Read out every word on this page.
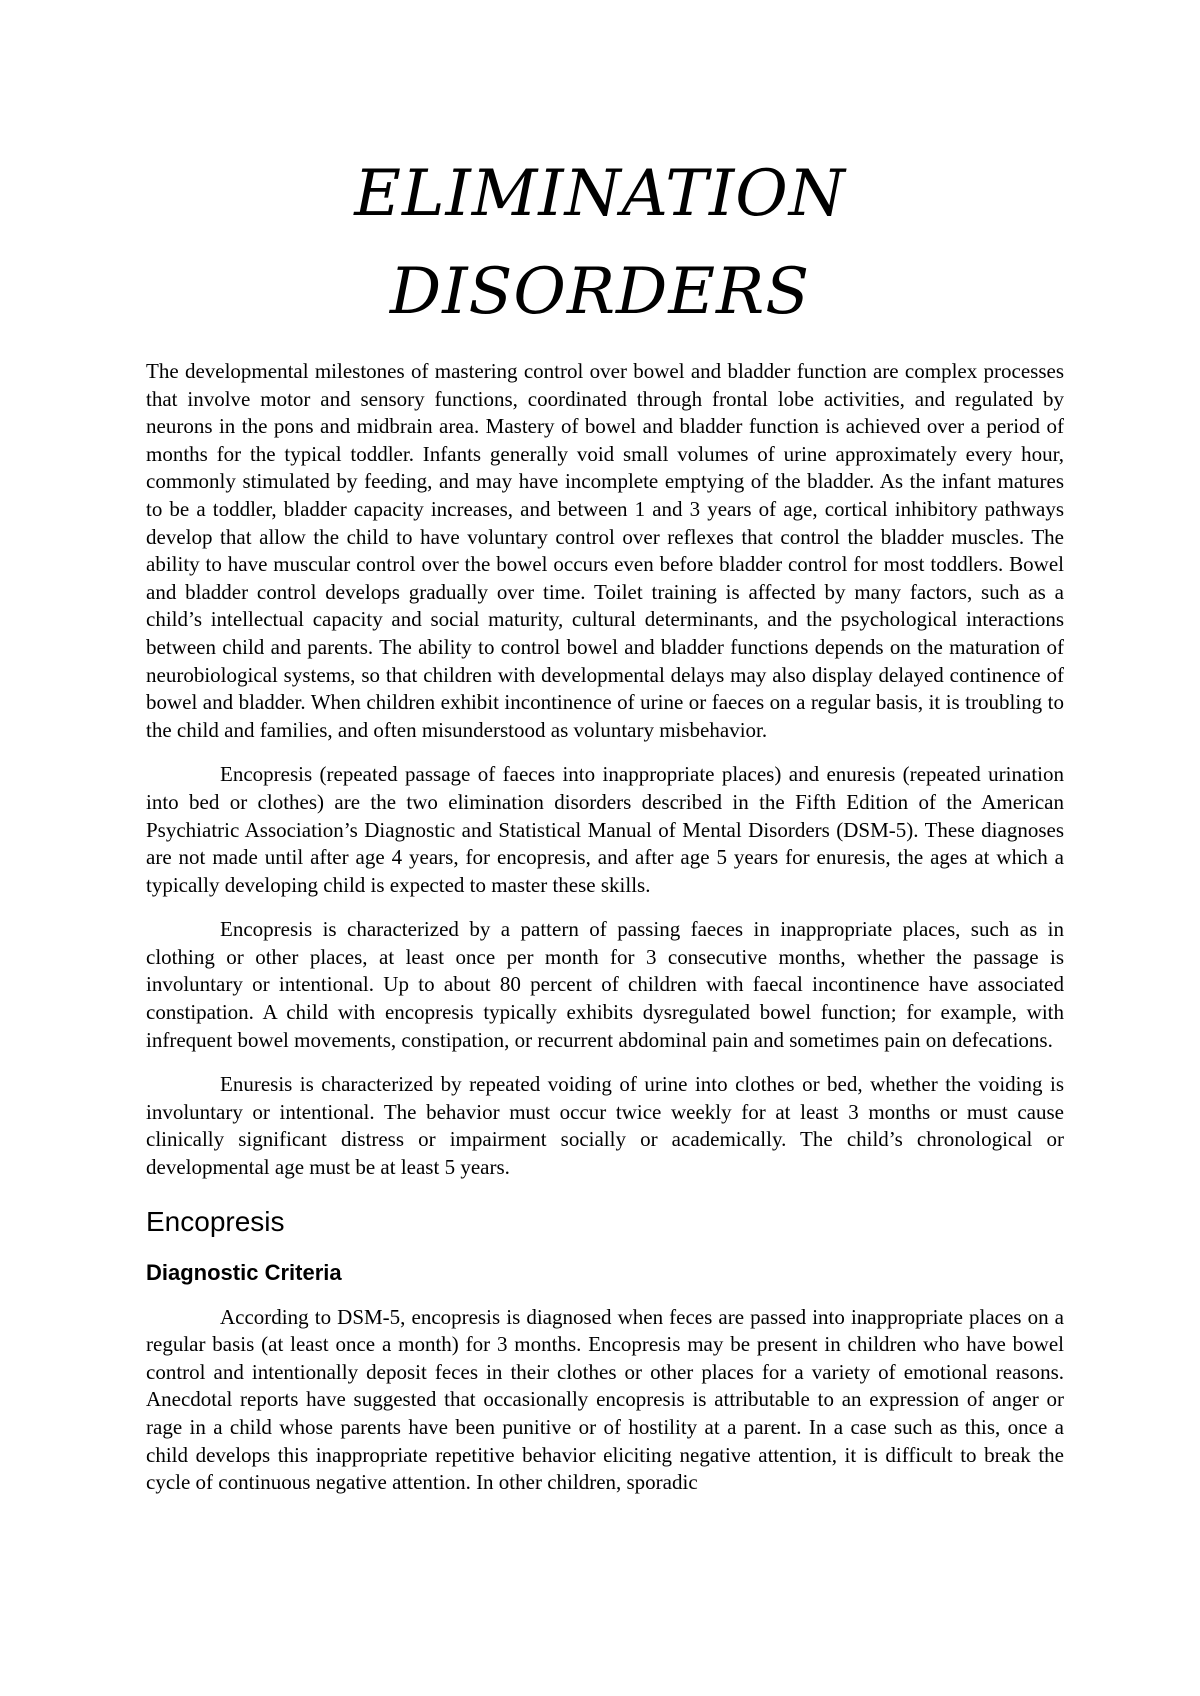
ELIMINATION
DISORDERS

The developmental milestones of mastering control over bowel and bladder function are complex processes that involve motor and sensory functions, coordinated through frontal lobe activities, and regulated by neurons in the pons and midbrain area. Mastery of bowel and bladder function is achieved over a period of months for the typical toddler. Infants generally void small volumes of urine approximately every hour, commonly stimulated by feeding, and may have incomplete emptying of the bladder. As the infant matures to be a toddler, bladder capacity increases, and between 1 and 3 years of age, cortical inhibitory pathways develop that allow the child to have voluntary control over reflexes that control the bladder muscles. The ability to have muscular control over the bowel occurs even before bladder control for most toddlers. Bowel and bladder control develops gradually over time. Toilet training is affected by many factors, such as a child’s intellectual capacity and social maturity, cultural determinants, and the psychological interactions between child and parents. The ability to control bowel and bladder functions depends on the maturation of neurobiological systems, so that children with developmental delays may also display delayed continence of bowel and bladder. When children exhibit incontinence of urine or faeces on a regular basis, it is troubling to the child and families, and often misunderstood as voluntary misbehavior.

Encopresis (repeated passage of faeces into inappropriate places) and enuresis (repeated urination into bed or clothes) are the two elimination disorders described in the Fifth Edition of the American Psychiatric Association’s Diagnostic and Statistical Manual of Mental Disorders (DSM-5). These diagnoses are not made until after age 4 years, for encopresis, and after age 5 years for enuresis, the ages at which a typically developing child is expected to master these skills.

Encopresis is characterized by a pattern of passing faeces in inappropriate places, such as in clothing or other places, at least once per month for 3 consecutive months, whether the passage is involuntary or intentional. Up to about 80 percent of children with faecal incontinence have associated constipation. A child with encopresis typically exhibits dysregulated bowel function; for example, with infrequent bowel movements, constipation, or recurrent abdominal pain and sometimes pain on defecations.

Enuresis is characterized by repeated voiding of urine into clothes or bed, whether the voiding is involuntary or intentional. The behavior must occur twice weekly for at least 3 months or must cause clinically significant distress or impairment socially or academically. The child’s chronological or developmental age must be at least 5 years.

Encopresis
Diagnostic Criteria

According to DSM-5, encopresis is diagnosed when feces are passed into inappropriate places on a regular basis (at least once a month) for 3 months. Encopresis may be present in children who have bowel control and intentionally deposit feces in their clothes or other places for a variety of emotional reasons. Anecdotal reports have suggested that occasionally encopresis is attributable to an expression of anger or rage in a child whose parents have been punitive or of hostility at a parent. In a case such as this, once a child develops this inappropriate repetitive behavior eliciting negative attention, it is difficult to break the cycle of continuous negative attention. In other children, sporadic
